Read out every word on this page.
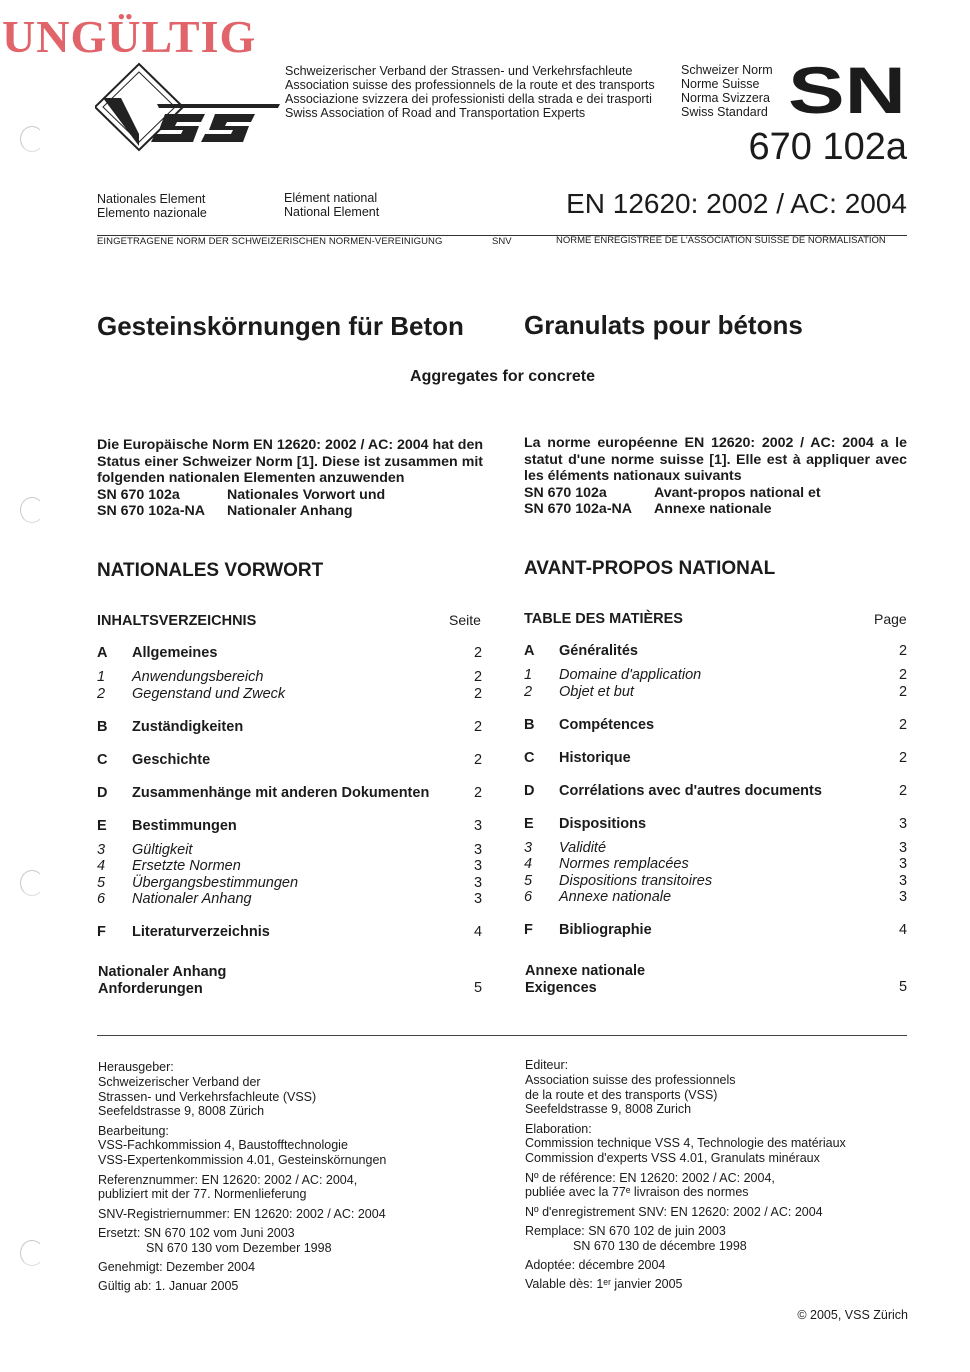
UNGÜLTIG
Schweizerischer Verband der Strassen- und Verkehrsfachleute
Association suisse des professionnels de la route et des transports
Associazione svizzera dei professionisti della strada e dei trasporti
Swiss Association of Road and Transportation Experts
Schweizer Norm
Norme Suisse
Norma Svizzera
Swiss Standard SN
670 102a
Nationales Element
Elemento nazionale
Elément national
National Element	EN 12620: 2002 / AC: 2004
EINGETRAGENE NORM DER SCHWEIZERISCHEN NORMEN-VEREINIGUNG	SNV	NORME ENREGISTREE DE L'ASSOCIATION SUISSE DE NORMALISATION
Gesteinskörnungen für Beton Granulats pour bétons
Aggregates for concrete
Die Europäische Norm EN 12620: 2002 / AC: 2004 hat den Status einer Schweizer Norm [1]. Diese ist zusammen mit folgenden nationalen Elementen anzuwenden
SN 670 102a	Nationales Vorwort und
SN 670 102a-NA	Nationaler Anhang
La norme européenne EN 12620: 2002 / AC: 2004 a le statut d'une norme suisse [1]. Elle est à appliquer avec les éléments nationaux suivants
SN 670 102a	Avant-propos national et
SN 670 102a-NA	Annexe nationale
NATIONALES VORWORT
INHALTSVERZEICHNIS	Seite
A	Allgemeines	2
1	Anwendungsbereich	2
2	Gegenstand und Zweck	2
B	Zuständigkeiten	2
C	Geschichte	2
D	Zusammenhänge mit anderen Dokumenten	2
E	Bestimmungen	3
3	Gültigkeit	3
4	Ersetzte Normen	3
5	Übergangsbestimmungen	3
6	Nationaler Anhang	3
F	Literaturverzeichnis	4
Nationaler Anhang
Anforderungen	5
AVANT-PROPOS NATIONAL
TABLE DES MATIÈRES	Page
A	Généralités	2
1	Domaine d'application	2
2	Objet et but	2
B	Compétences	2
C	Historique	2
D	Corrélations avec d'autres documents	2
E	Dispositions	3
3	Validité	3
4	Normes remplacées	3
5	Dispositions transitoires	3
6	Annexe nationale	3
F	Bibliographie	4
Annexe nationale
Exigences	5
Herausgeber:
Schweizerischer Verband der
Strassen- und Verkehrsfachleute (VSS)
Seefeldstrasse 9, 8008 Zürich
Bearbeitung:
VSS-Fachkommission 4, Baustofftechnologie
VSS-Expertenkommission 4.01, Gesteinskörnungen
Referenznummer: EN 12620: 2002 / AC: 2004,
publiziert mit der 77. Normenlieferung
SNV-Registriernummer: EN 12620: 2002 / AC: 2004
Ersetzt: SN 670 102 vom Juni 2003
SN 670 130 vom Dezember 1998
Genehmigt: Dezember 2004
Gültig ab: 1. Januar 2005
Editeur:
Association suisse des professionnels
de la route et des transports (VSS)
Seefeldstrasse 9, 8008 Zurich
Elaboration:
Commission technique VSS 4, Technologie des matériaux
Commission d'experts VSS 4.01, Granulats minéraux
Nº de référence: EN 12620: 2002 / AC: 2004,
publiée avec la 77ᵉ livraison des normes
Nº d'enregistrement SNV: EN 12620: 2002 / AC: 2004
Remplace: SN 670 102 de juin 2003
SN 670 130 de décembre 1998
Adoptée: décembre 2004
Valable dès: 1ᵉʳ janvier 2005
© 2005, VSS Zürich
